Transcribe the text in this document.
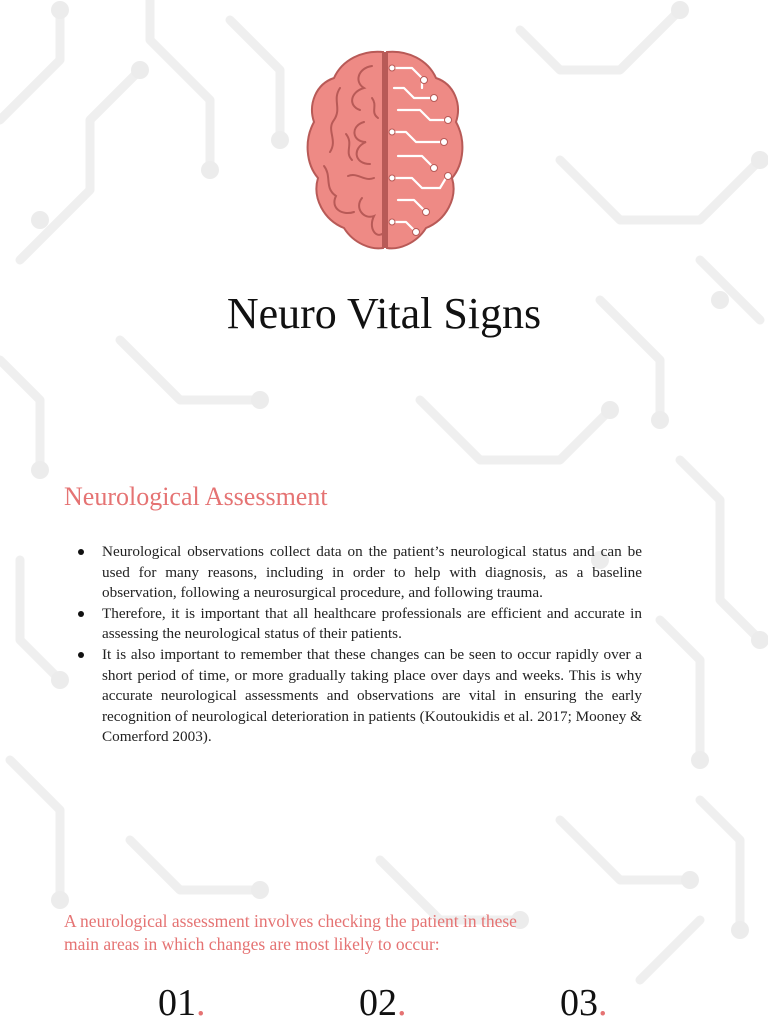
Neuro Vital Signs
Neurological Assessment
Neurological observations collect data on the patient’s neurological status and can be used for many reasons, including in order to help with diagnosis, as a baseline observation, following a neurosurgical procedure, and following trauma.
Therefore, it is important that all healthcare professionals are efficient and accurate in assessing the neurological status of their patients.
It is also important to remember that these changes can be seen to occur rapidly over a short period of time, or more gradually taking place over days and weeks. This is why accurate neurological assessments and observations are vital in ensuring the early recognition of neurological deterioration in patients (Koutoukidis et al. 2017; Mooney & Comerford 2003).

A neurological assessment involves checking the patient in these main areas in which changes are most likely to occur:

01.	02.	03.
